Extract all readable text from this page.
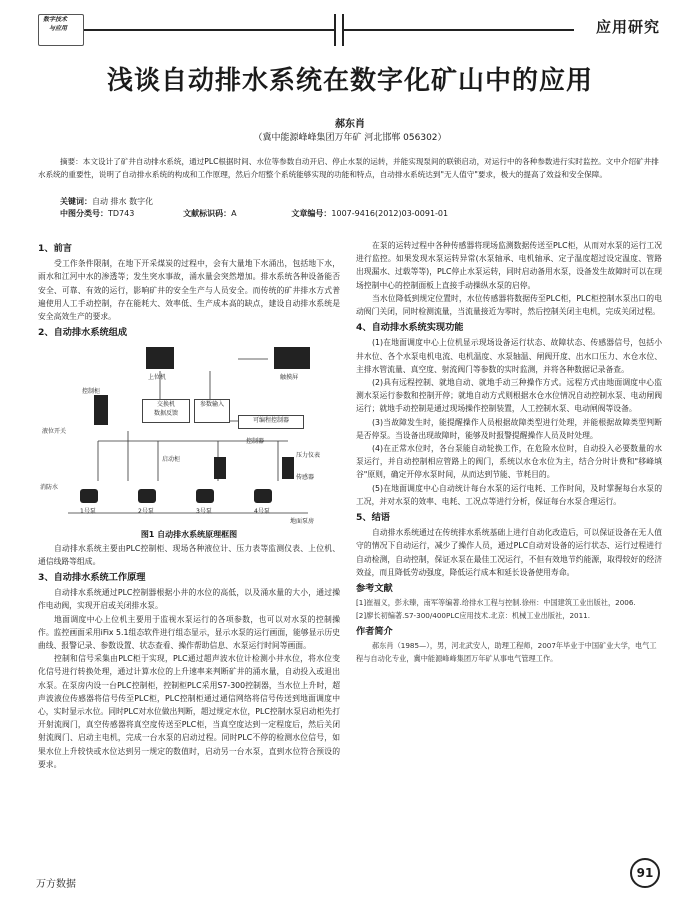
数字技术
与应用	应用研究
浅谈自动排水系统在数字化矿山中的应用
郝东肖
（冀中能源峰峰集团万年矿 河北邯郸 056302）
摘要：本文设计了矿井自动排水系统，通过PLC根据时间、水位等参数自动开启、停止水泵的运转，并能实现泵间的联锁启动，对运行中的各种参数进行实时监控。文中介绍矿井排水系统的重要性，说明了自动排水系统的构成和工作原理，然后介绍整个系统能够实现的功能和特点，自动排水系统达到"无人值守"要求，极大的提高了效益和安全保障。
关键词：自动 排水 数字化
中图分类号：TD743	文献标识码：A	文章编号：1007-9416(2012)03-0091-01
1、前言

受工作条件限制，在地下开采煤炭的过程中，会有大量地下水涌出，包括地下水，雨水和江河中水的渗透等；发生突水事故，涌水量会突然增加。排水系统各种设备能否安全、可靠、有效的运行，影响矿井的安全生产与人员安全。而传统的矿井排水方式普遍使用人工手动控制，存在能耗大、效率低、生产成本高的缺点，建设自动排水系统是安全高效生产的要求。

2、自动排水系统组成
上位机	触摸屏
控制柜
交换机
数据反馈
参数输入
可编程控制器
启动柜
液位开关
控制器
压力仪表
传感器
消防水
1号泵	2号泵	3号泵	4号泵
地面泵房
图1 自动排水系统原理框图

自动排水系统主要由PLC控制柜、现场各种液位计、压力表等监测仪表、上位机、通信线路等组成。

3、自动排水系统工作原理

自动排水系统通过PLC控制器根据小井的水位的高低，以及涌水量的大小，通过操作电动阀，实现开启或关闭排水泵。

地面调度中心上位机主要用于监视水泵运行的各项参数，也可以对水泵的控制操作。监控画面采用iFix 5.1组态软件进行组态显示，显示水泵的运行画面，能够显示历史曲线、报警记录、参数设置、状态查看、操作帮助信息、水泵运行时间等画面。

控制和信号采集由PLC柜于实现，PLC通过超声波水位计检测小井水位，将水位变化信号进行转换处理，通过计算水位的上升速率来判断矿井的涌水量，自动投入或退出水泵。在泵房内设一台PLC控制柜，控制柜PLC采用S7-300控制器，当水位上升时，超声波液位传感器将信号传至PLC柜，PLC控制柜通过通信网络将信号传送到地面调度中心，实时显示水位。同时PLC对水位做出判断，超过规定水位，PLC控制水泵启动柜先打开射流阀门，真空传感器将真空度传送至PLC柜，当真空度达到一定程度后，然后关闭射流阀门、启动主电机，完成一台水泵的启动过程。同时PLC不停的检测水位信号，如果水位上升较快或水位达到另一规定的数值时，启动另一台水泵，直到水位符合预设的要求。

在泵的运转过程中各种传感器将现场监测数据传送至PLC柜，从而对水泵的运行工况进行监控。如果发现水泵运转异常(水泵轴承、电机轴承、定子温度超过设定温度、管路出现漏水、过载等等)，PLC停止水泵运转，同时启动备用水泵，设备发生故障时可以在现场控制中心的控制面板上直接手动操纵水泵的启停。

当水位降低到规定位置时，水位传感器将数据传至PLC柜，PLC柜控制水泵出口的电动阀门关闭，同时检测流量，当流量接近为零时，然后控制关闭主电机，完成关闭过程。

4、自动排水系统实现功能

(1)在地面调度中心上位机显示现场设备运行状态、故障状态、传感器信号，包括小井水位、各个水泵电机电流、电机温度、水泵轴温、闸阀开度、出水口压力、水仓水位、主排水管流量、真空度、射流阀门等参数的实时监测，并将各种数据记录备查。

(2)具有远程控制、就地自动、就地手动三种操作方式。远程方式由地面调度中心监测水泵运行参数和控制开停；就地自动方式则根据水仓水位情况自动控制水泵、电动闸阀运行；就地手动控制是通过现场操作控制装置，人工控制水泵、电动闸阀等设备。

(3)当故障发生时，能提醒操作人员根据故障类型进行处理，并能根据故障类型判断是否停泵。当设备出现故障时，能够及时报警提醒操作人员及时处理。

(4)在正常水位时，各台泵能自动轮换工作，在危险水位时，自动投入必要数量的水泵运行，并自动控制相应管路上的阀门，系统以水仓水位为主，结合分时计费和"移峰填谷"原则，确定开停水泵时间，从而达到节能、节耗目的。

(5)在地面调度中心自动统计每台水泵的运行电耗、工作时间，及时掌握每台水泵的工况，并对水泵的效率、电耗、工况点等进行分析，保证每台水泵合理运行。

5、结语

自动排水系统通过在传统排水系统基础上进行自动化改造后，可以保证设备在无人值守的情况下自动运行，减少了操作人员，通过PLC自动对设备的运行状态、运行过程进行自动检测，自动控制，保证水泵在最佳工况运行，不但有效地节约能源，取得较好的经济效益，而且降低劳动强度，降低运行成本和延长设备使用寿命。

参考文献
[1]崔福义，彭永臻，南军等编著.给排水工程与控制.徐州：中国建筑工业出版社，2006.
[2]廖长初编著.S7-300/400PLC应用技术.北京：机械工业出版社，2011.
作者简介
郝东肖（1985—），男，河北武安人，助理工程师，2007年毕业于中国矿业大学，电气工程与自动化专业，冀中能源峰峰集团万年矿从事电气管理工作。
万方数据
91
